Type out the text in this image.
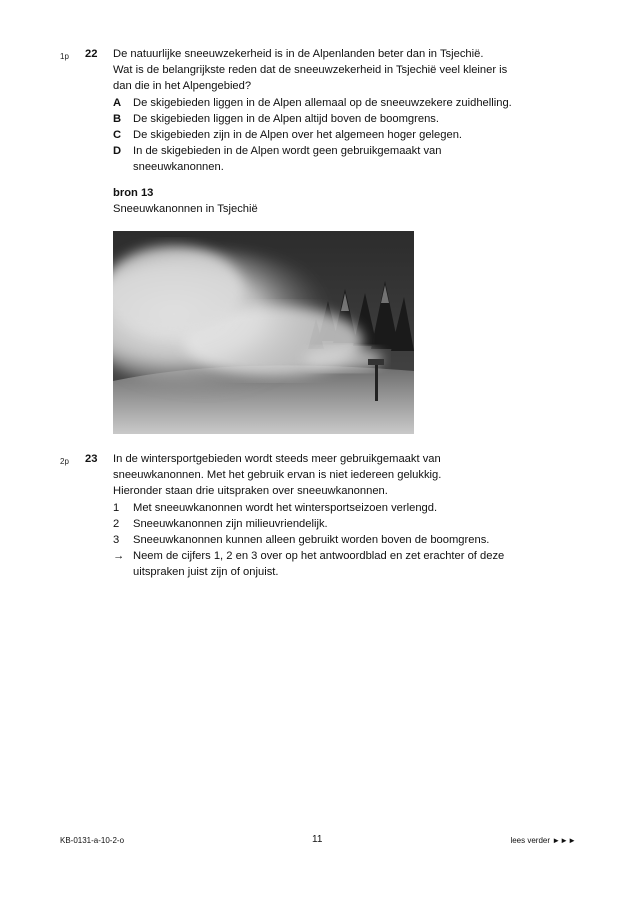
1p 22 De natuurlijke sneeuwzekerheid is in de Alpenlanden beter dan in Tsjechië.
Wat is de belangrijkste reden dat de sneeuwzekerheid in Tsjechië veel kleiner is
dan die in het Alpengebied?
A De skigebieden liggen in de Alpen allemaal op de sneeuwzekere zuidhelling.
B De skigebieden liggen in de Alpen altijd boven de boomgrens.
C De skigebieden zijn in de Alpen over het algemeen hoger gelegen.
D In de skigebieden in de Alpen wordt geen gebruikgemaakt van
sneeuwkanonnen.
bron 13
Sneeuwkanonnen in Tsjechië
2p 23 In de wintersportgebieden wordt steeds meer gebruikgemaakt van
sneeuwkanonnen. Met het gebruik ervan is niet iedereen gelukkig.
Hieronder staan drie uitspraken over sneeuwkanonnen.
1 Met sneeuwkanonnen wordt het wintersportseizoen verlengd.
2 Sneeuwkanonnen zijn milieuvriendelijk.
3 Sneeuwkanonnen kunnen alleen gebruikt worden boven de boomgrens.
→ Neem de cijfers 1, 2 en 3 over op het antwoordblad en zet erachter of deze
uitspraken juist zijn of onjuist.
KB-0131-a-10-2-o	11	lees verder ►►►
